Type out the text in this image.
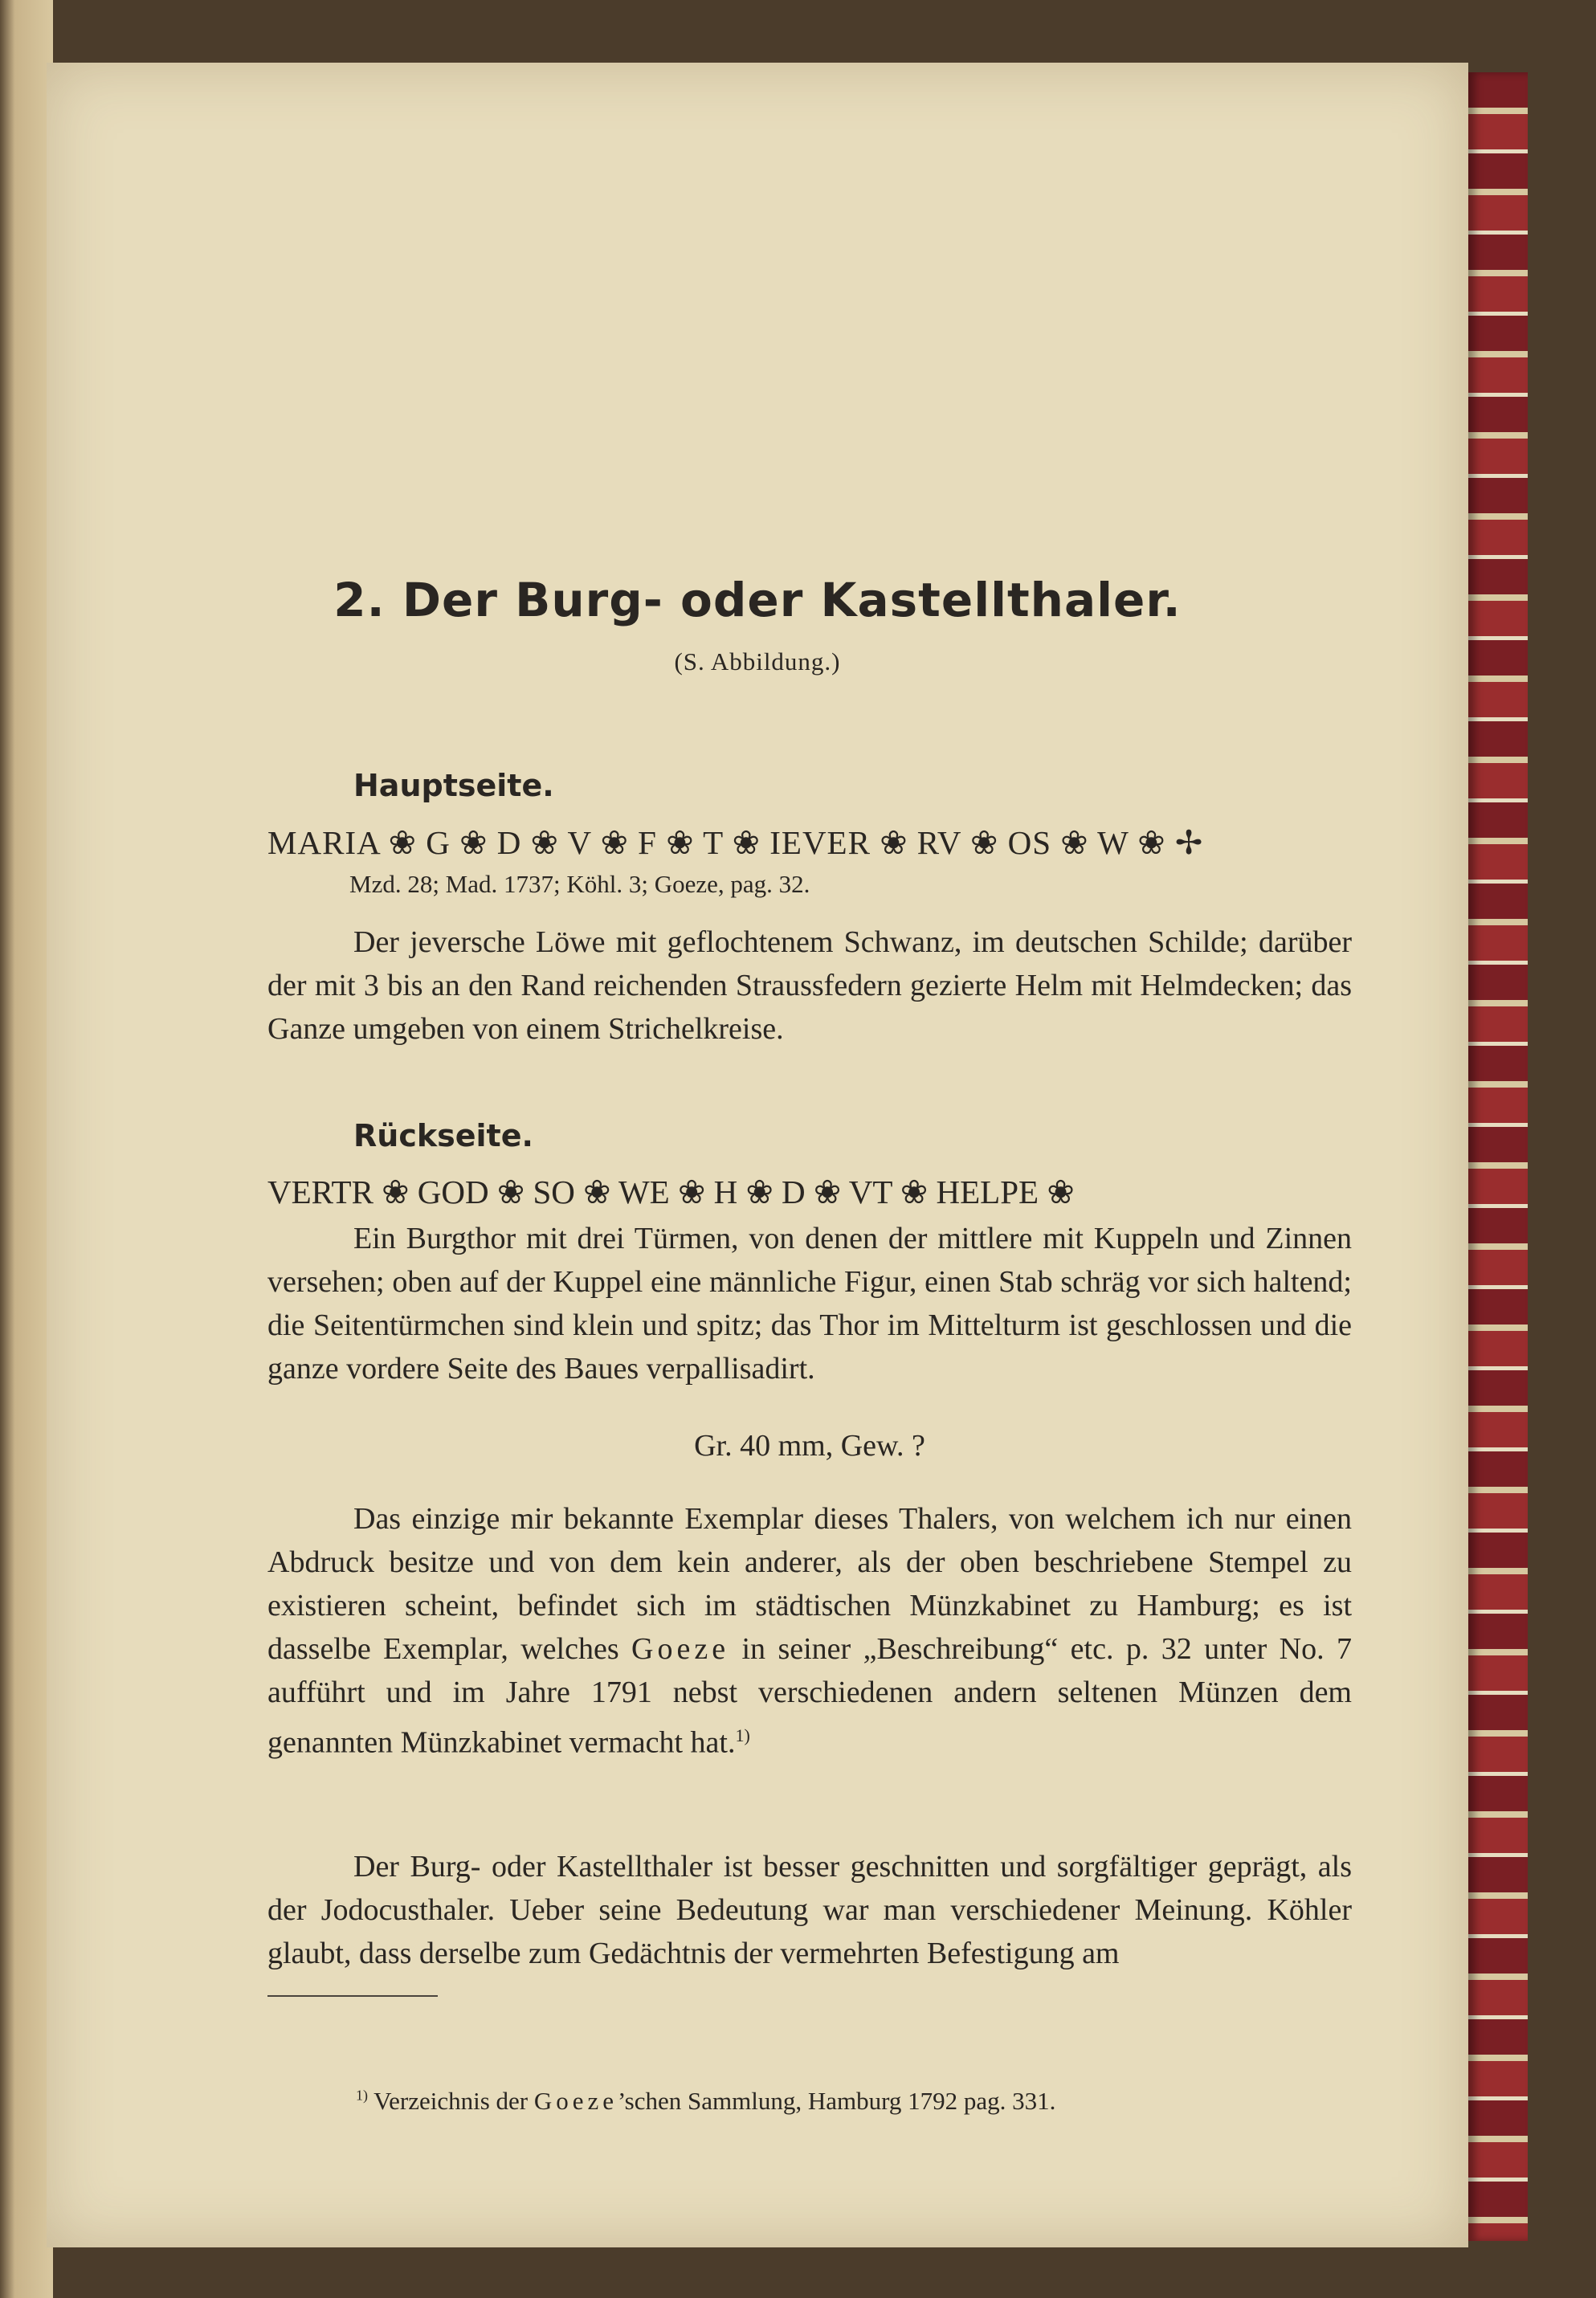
2. Der Burg- oder Kastellthaler.
(S. Abbildung.)
Hauptseite.
MARIA ❀ G ❀ D ❀ V ❀ F ❀ T ❀ IEVER ❀ RV ❀ OS ❀ W ❀ ✢
Mzd. 28; Mad. 1737; Köhl. 3; Goeze, pag. 32.

Der jeversche Löwe mit geflochtenem Schwanz, im deutschen Schilde; darüber der mit 3 bis an den Rand reichenden Straussfedern gezierte Helm mit Helmdecken; das Ganze umgeben von einem Strichelkreise.

Rückseite.
VERTR ❀ GOD ❀ SO ❀ WE ❀ H ❀ D ❀ VT ❀ HELPE ❀

Ein Burgthor mit drei Türmen, von denen der mittlere mit Kuppeln und Zinnen versehen; oben auf der Kuppel eine männliche Figur, einen Stab schräg vor sich haltend; die Seitentürmchen sind klein und spitz; das Thor im Mittelturm ist geschlossen und die ganze vordere Seite des Baues verpallisadirt.

Gr. 40 mm, Gew. ?

Das einzige mir bekannte Exemplar dieses Thalers, von welchem ich nur einen Abdruck besitze und von dem kein anderer, als der oben beschriebene Stempel zu existieren scheint, befindet sich im städtischen Münzkabinet zu Hamburg; es ist dasselbe Exemplar, welches Goeze in seiner „Beschreibung“ etc. p. 32 unter No. 7 aufführt und im Jahre 1791 nebst verschiedenen andern seltenen Münzen dem genannten Münzkabinet vermacht hat.$^{1)}$

Der Burg- oder Kastellthaler ist besser geschnitten und sorgfältiger geprägt, als der Jodocusthaler. Ueber seine Bedeutung war man verschiedener Meinung. Köhler glaubt, dass derselbe zum Gedächtnis der vermehrten Befestigung am

$^{1)}$ Verzeichnis der Goeze’schen Sammlung, Hamburg 1792 pag. 331.
